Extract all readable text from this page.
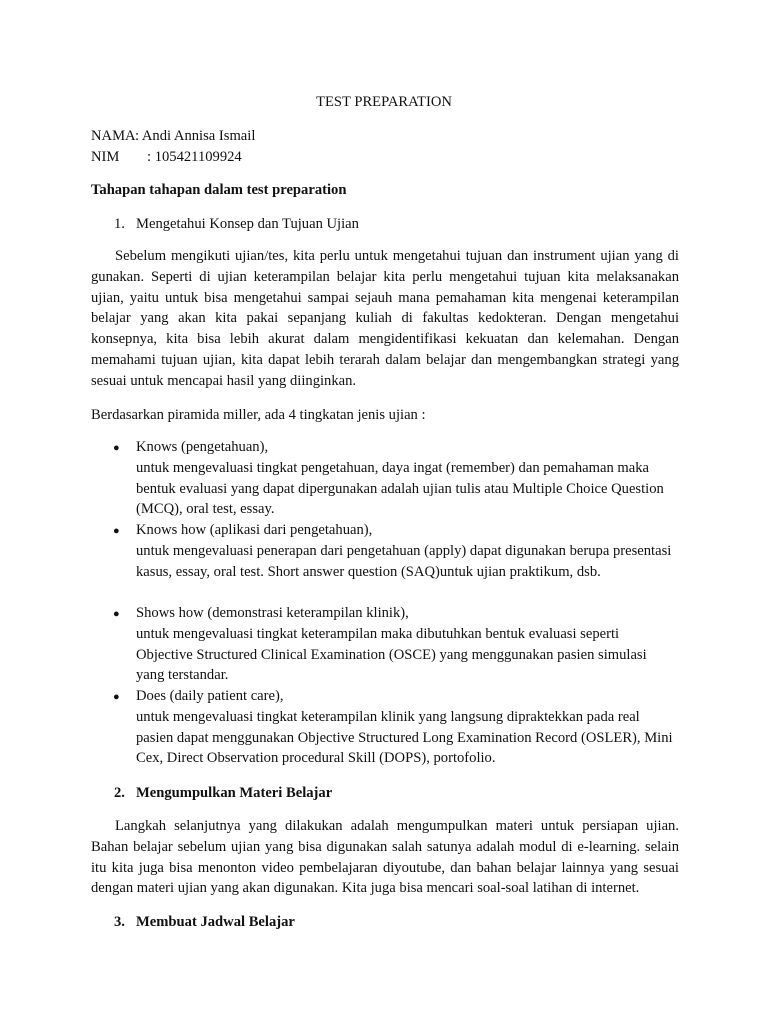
TEST PREPARATION
NAMA : Andi Annisa Ismail
NIM : 105421109924
Tahapan tahapan dalam test preparation
1. Mengetahui Konsep dan Tujuan Ujian
Sebelum mengikuti ujian/tes, kita perlu untuk mengetahui tujuan dan instrument ujian yang di gunakan. Seperti di ujian keterampilan belajar kita perlu mengetahui tujuan kita melaksanakan ujian, yaitu untuk bisa mengetahui sampai sejauh mana pemahaman kita mengenai keterampilan belajar yang akan kita pakai sepanjang kuliah di fakultas kedokteran. Dengan mengetahui konsepnya, kita bisa lebih akurat dalam mengidentifikasi kekuatan dan kelemahan. Dengan memahami tujuan ujian, kita dapat lebih terarah dalam belajar dan mengembangkan strategi yang sesuai untuk mencapai hasil yang diinginkan.
Berdasarkan piramida miller, ada 4 tingkatan jenis ujian :
● Knows (pengetahuan),
untuk mengevaluasi tingkat pengetahuan, daya ingat (remember) dan pemahaman maka bentuk evaluasi yang dapat dipergunakan adalah ujian tulis atau Multiple Choice Question (MCQ), oral test, essay.
● Knows how (aplikasi dari pengetahuan),
untuk mengevaluasi penerapan dari pengetahuan (apply) dapat digunakan berupa presentasi kasus, essay, oral test. Short answer question (SAQ)untuk ujian praktikum, dsb.
● Shows how (demonstrasi keterampilan klinik),
untuk mengevaluasi tingkat keterampilan maka dibutuhkan bentuk evaluasi seperti Objective Structured Clinical Examination (OSCE) yang menggunakan pasien simulasi yang terstandar.
● Does (daily patient care),
untuk mengevaluasi tingkat keterampilan klinik yang langsung dipraktekkan pada real pasien dapat menggunakan Objective Structured Long Examination Record (OSLER), Mini Cex, Direct Observation procedural Skill (DOPS), portofolio.
2. Mengumpulkan Materi Belajar
Langkah selanjutnya yang dilakukan adalah mengumpulkan materi untuk persiapan ujian. Bahan belajar sebelum ujian yang bisa digunakan salah satunya adalah modul di e-learning. selain itu kita juga bisa menonton video pembelajaran diyoutube, dan bahan belajar lainnya yang sesuai dengan materi ujian yang akan digunakan. Kita juga bisa mencari soal-soal latihan di internet.
3. Membuat Jadwal Belajar
